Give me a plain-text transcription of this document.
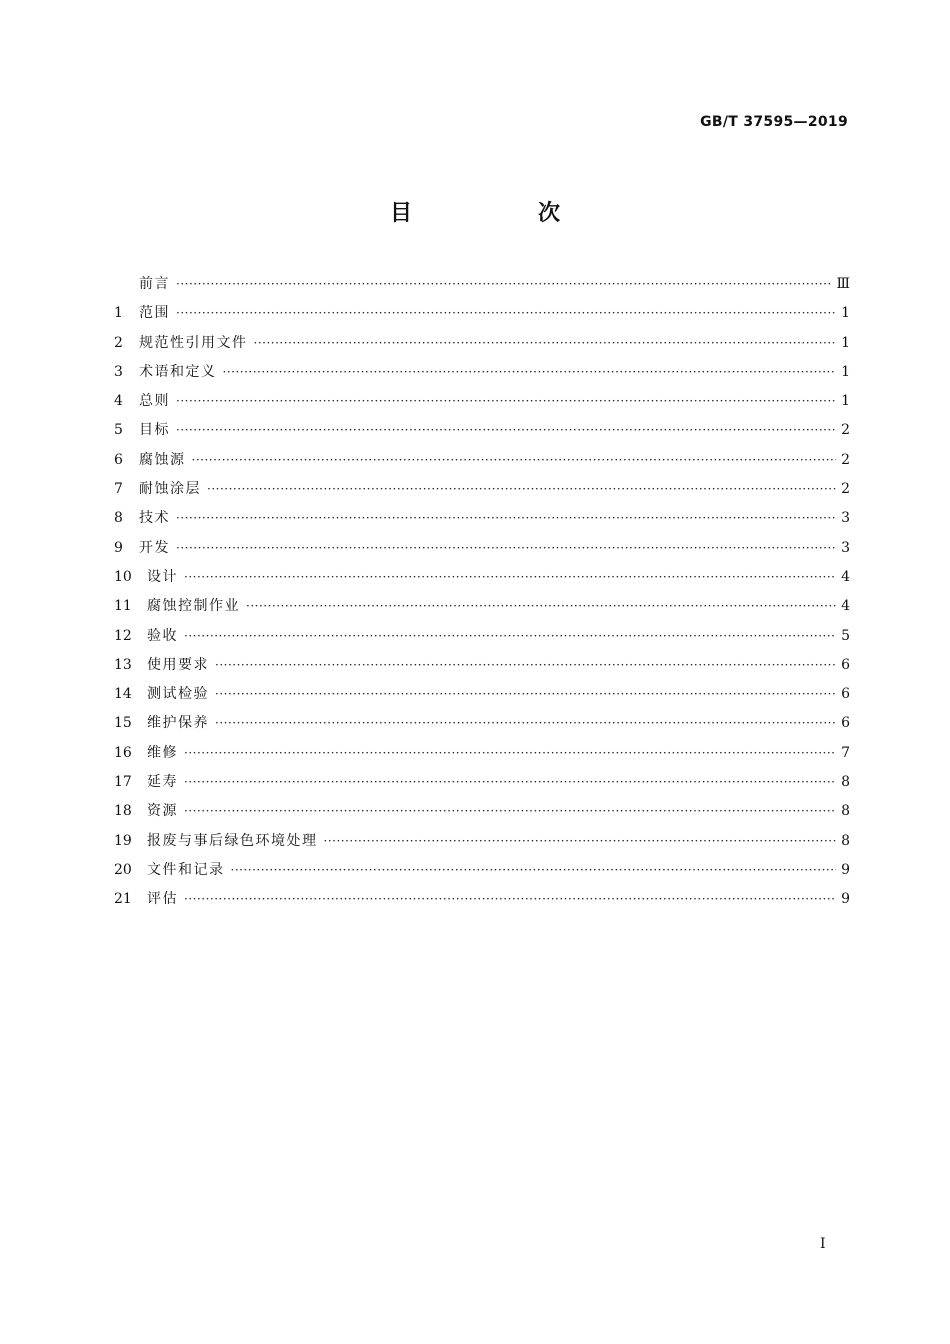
GB/T 37595—2019
目　次
前言 ·····	Ⅲ
1	范围 ·····	1
2	规范性引用文件 ·····	1
3	术语和定义 ·····	1
4	总则 ·····	1
5	目标 ·····	2
6	腐蚀源 ·····	2
7	耐蚀涂层 ·····	2
8	技术 ·····	3
9	开发 ·····	3
10	设计 ·····	4
11	腐蚀控制作业 ·····	4
12	验收 ·····	5
13	使用要求 ·····	6
14	测试检验 ·····	6
15	维护保养 ·····	6
16	维修 ·····	7
17	延寿 ·····	8
18	资源 ·····	8
19	报废与事后绿色环境处理 ·····	8
20	文件和记录 ·····	9
21	评估 ·····	9
Ⅰ
